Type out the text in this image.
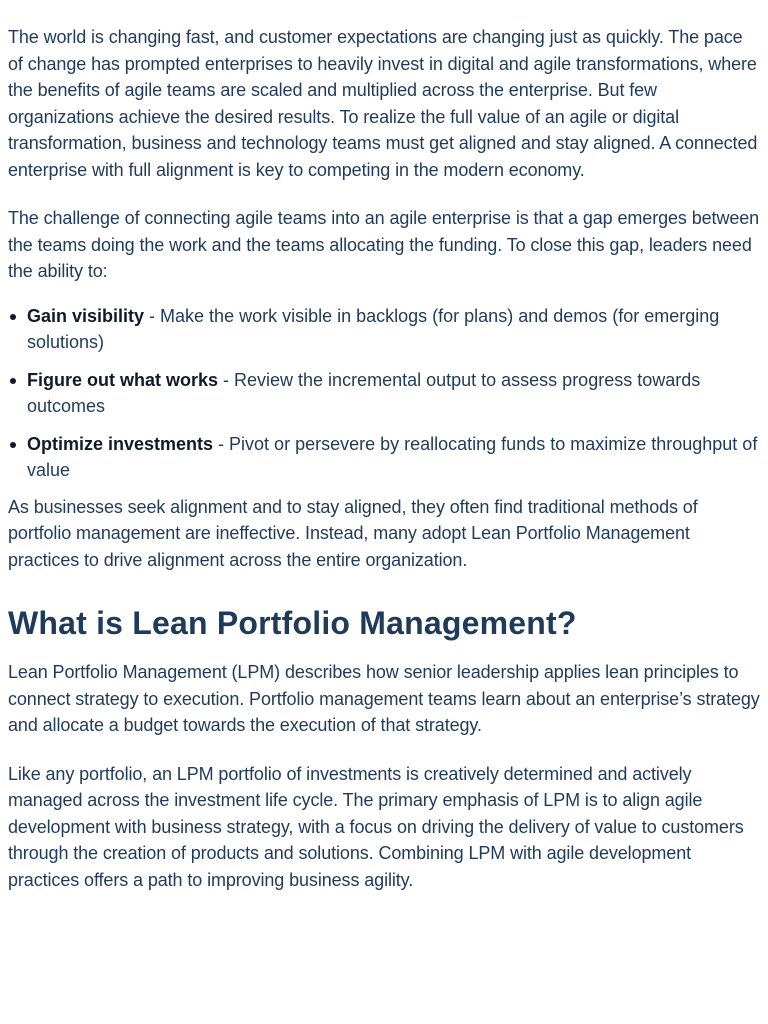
The world is changing fast, and customer expectations are changing just as quickly. The pace of change has prompted enterprises to heavily invest in digital and agile transformations, where the benefits of agile teams are scaled and multiplied across the enterprise. But few organizations achieve the desired results. To realize the full value of an agile or digital transformation, business and technology teams must get aligned and stay aligned. A connected enterprise with full alignment is key to competing in the modern economy.

The challenge of connecting agile teams into an agile enterprise is that a gap emerges between the teams doing the work and the teams allocating the funding. To close this gap, leaders need the ability to:

Gain visibility - Make the work visible in backlogs (for plans) and demos (for emerging solutions)
Figure out what works - Review the incremental output to assess progress towards outcomes
Optimize investments - Pivot or persevere by reallocating funds to maximize throughput of value

As businesses seek alignment and to stay aligned, they often find traditional methods of portfolio management are ineffective. Instead, many adopt Lean Portfolio Management practices to drive alignment across the entire organization.

What is Lean Portfolio Management?

Lean Portfolio Management (LPM) describes how senior leadership applies lean principles to connect strategy to execution. Portfolio management teams learn about an enterprise’s strategy and allocate a budget towards the execution of that strategy.

Like any portfolio, an LPM portfolio of investments is creatively determined and actively managed across the investment life cycle. The primary emphasis of LPM is to align agile development with business strategy, with a focus on driving the delivery of value to customers through the creation of products and solutions. Combining LPM with agile development practices offers a path to improving business agility.
